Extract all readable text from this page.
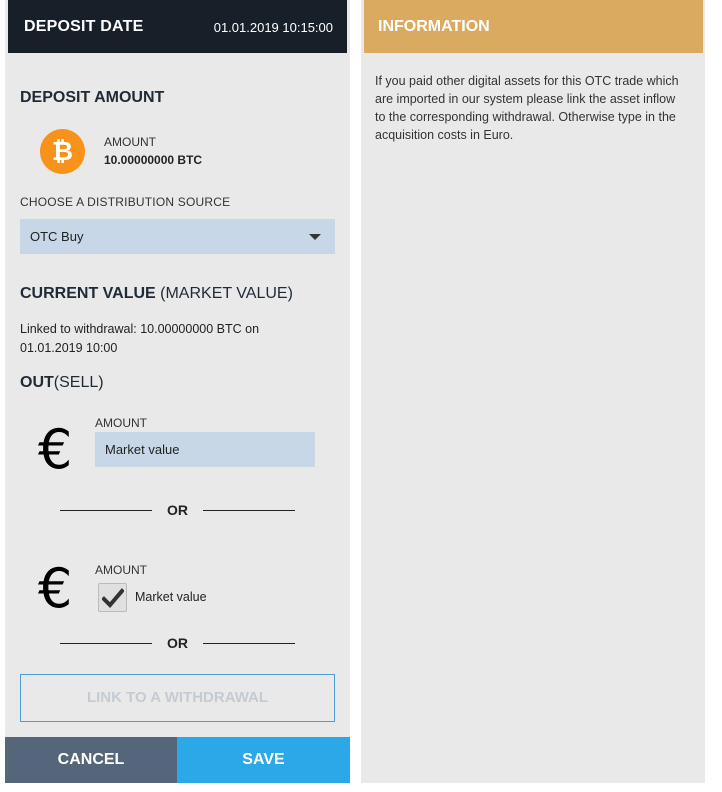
DEPOSIT DATE	01.01.2019 10:15:00
DEPOSIT AMOUNT
₿	AMOUNT
10.00000000 BTC
CHOOSE A DISTRIBUTION SOURCE
OTC Buy
CURRENT VALUE (MARKET VALUE)
Linked to withdrawal: 10.00000000 BTC on 01.01.2019 10:00
OUT(SELL)
€ AMOUNT
Market value
OR
€ AMOUNT
Market value
OR
LINK TO A WITHDRAWAL
CANCEL	SAVE
INFORMATION
If you paid other digital assets for this OTC trade which are imported in our system please link the asset inflow to the corresponding withdrawal. Otherwise type in the acquisition costs in Euro.
